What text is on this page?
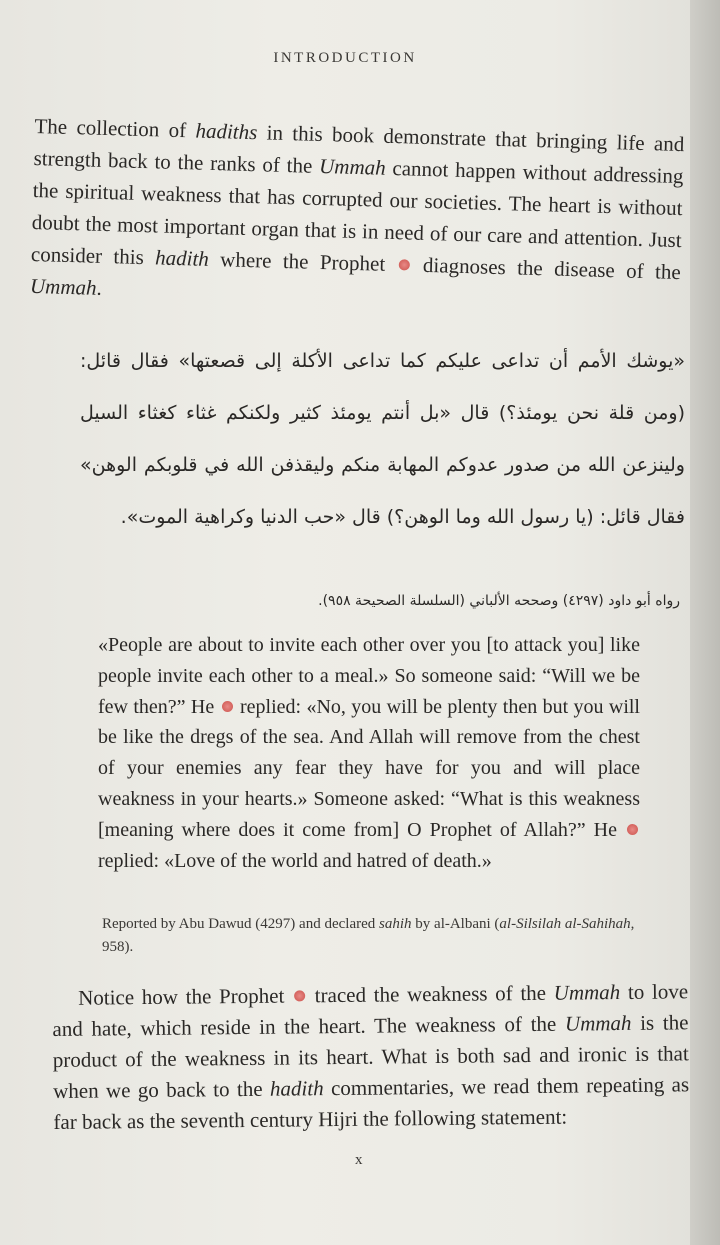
INTRODUCTION

The collection of hadiths in this book demonstrate that bringing life and strength back to the ranks of the Ummah cannot happen without addressing the spiritual weakness that has corrupted our societies. The heart is without doubt the most important organ that is in need of our care and attention. Just consider this hadith where the Prophet  diagnoses the disease of the Ummah.

«يوشك الأمم أن تداعى عليكم كما تداعى الأكلة إلى قصعتها» فقال قائل: (ومن قلة نحن يومئذ؟) قال «بل أنتم يومئذ كثير ولكنكم غثاء كغثاء السيل ولينزعن الله من صدور عدوكم المهابة منكم وليقذفن الله في قلوبكم الوهن» فقال قائل: (يا رسول الله وما الوهن؟) قال «حب الدنيا وكراهية الموت».
رواه أبو داود (٤٢٩٧) وصححه الألباني (السلسلة الصحيحة ٩٥٨).

«People are about to invite each other over you [to attack you] like people invite each other to a meal.» So someone said: “Will we be few then?” He  replied: «No, you will be plenty then but you will be like the dregs of the sea. And Allah will remove from the chest of your enemies any fear they have for you and will place weakness in your hearts.» Someone asked: “What is this weakness [meaning where does it come from] O Prophet of Allah?” He  replied: «Love of the world and hatred of death.»

Reported by Abu Dawud (4297) and declared sahih by al-Albani (al-Silsilah al-Sahihah, 958).

Notice how the Prophet  traced the weakness of the Ummah to love and hate, which reside in the heart. The weakness of the Ummah is the product of the weakness in its heart. What is both sad and ironic is that when we go back to the hadith commentaries, we read them repeating as far back as the seventh century Hijri the following statement:

x
